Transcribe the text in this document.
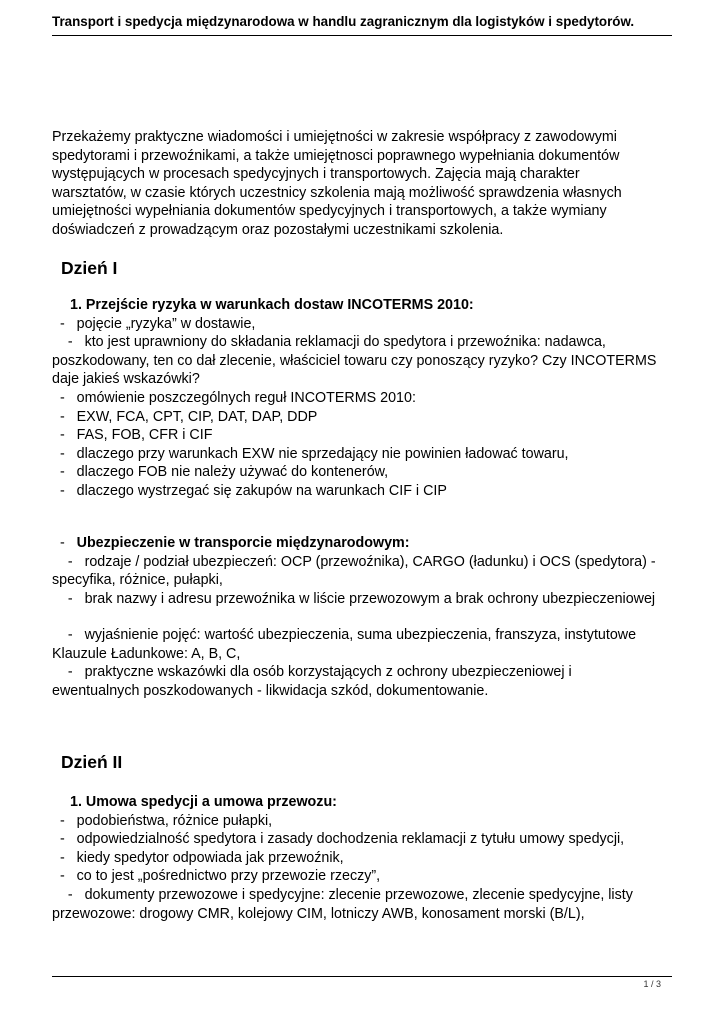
Transport i spedycja międzynarodowa w handlu zagranicznym dla logistyków i spedytorów.
Przekażemy praktyczne wiadomości i umiejętności w zakresie współpracy z zawodowymi
spedytorami i przewoźnikami, a także umiejętnosci poprawnego wypełniania dokumentów
występujących w procesach spedycyjnych i transportowych. Zajęcia mają charakter
warsztatów, w czasie których uczestnicy szkolenia mają możliwość sprawdzenia własnych
umiejętności wypełniania dokumentów spedycyjnych i transportowych, a także wymiany
doświadczeń z prowadzącym oraz pozostałymi uczestnikami szkolenia.
Dzień I
1. Przejście ryzyka w warunkach dostaw INCOTERMS 2010:
-   pojęcie „ryzyka” w dostawie,
-   kto jest uprawniony do składania reklamacji do spedytora i przewoźnika: nadawca,
poszkodowany, ten co dał zlecenie, właściciel towaru czy ponoszący ryzyko? Czy INCOTERMS
daje jakieś wskazówki?
-   omówienie poszczególnych reguł INCOTERMS 2010:
-   EXW, FCA, CPT, CIP, DAT, DAP, DDP
-   FAS, FOB, CFR i CIF
-   dlaczego przy warunkach EXW nie sprzedający nie powinien ładować towaru,
-   dlaczego FOB nie należy używać do kontenerów,
-   dlaczego wystrzegać się zakupów na warunkach CIF i CIP
-   Ubezpieczenie w transporcie międzynarodowym:
-   rodzaje / podział ubezpieczeń: OCP (przewoźnika), CARGO (ładunku) i OCS (spedytora) -
specyfika, różnice, pułapki,
-   brak nazwy i adresu przewoźnika w liście przewozowym a brak ochrony ubezpieczeniowej
-   wyjaśnienie pojęć: wartość ubezpieczenia, suma ubezpieczenia, franszyza, instytutowe
Klauzule Ładunkowe: A, B, C,
-   praktyczne wskazówki dla osób korzystających z ochrony ubezpieczeniowej i
ewentualnych poszkodowanych - likwidacja szkód, dokumentowanie.
Dzień II
1. Umowa spedycji a umowa przewozu:
-   podobieństwa, różnice pułapki,
-   odpowiedzialność spedytora i zasady dochodzenia reklamacji z tytułu umowy spedycji,
-   kiedy spedytor odpowiada jak przewoźnik,
-   co to jest „pośrednictwo przy przewozie rzeczy”,
-   dokumenty przewozowe i spedycyjne: zlecenie przewozowe, zlecenie spedycyjne, listy
przewozowe: drogowy CMR, kolejowy CIM, lotniczy AWB, konosament morski (B/L),
1 / 3
